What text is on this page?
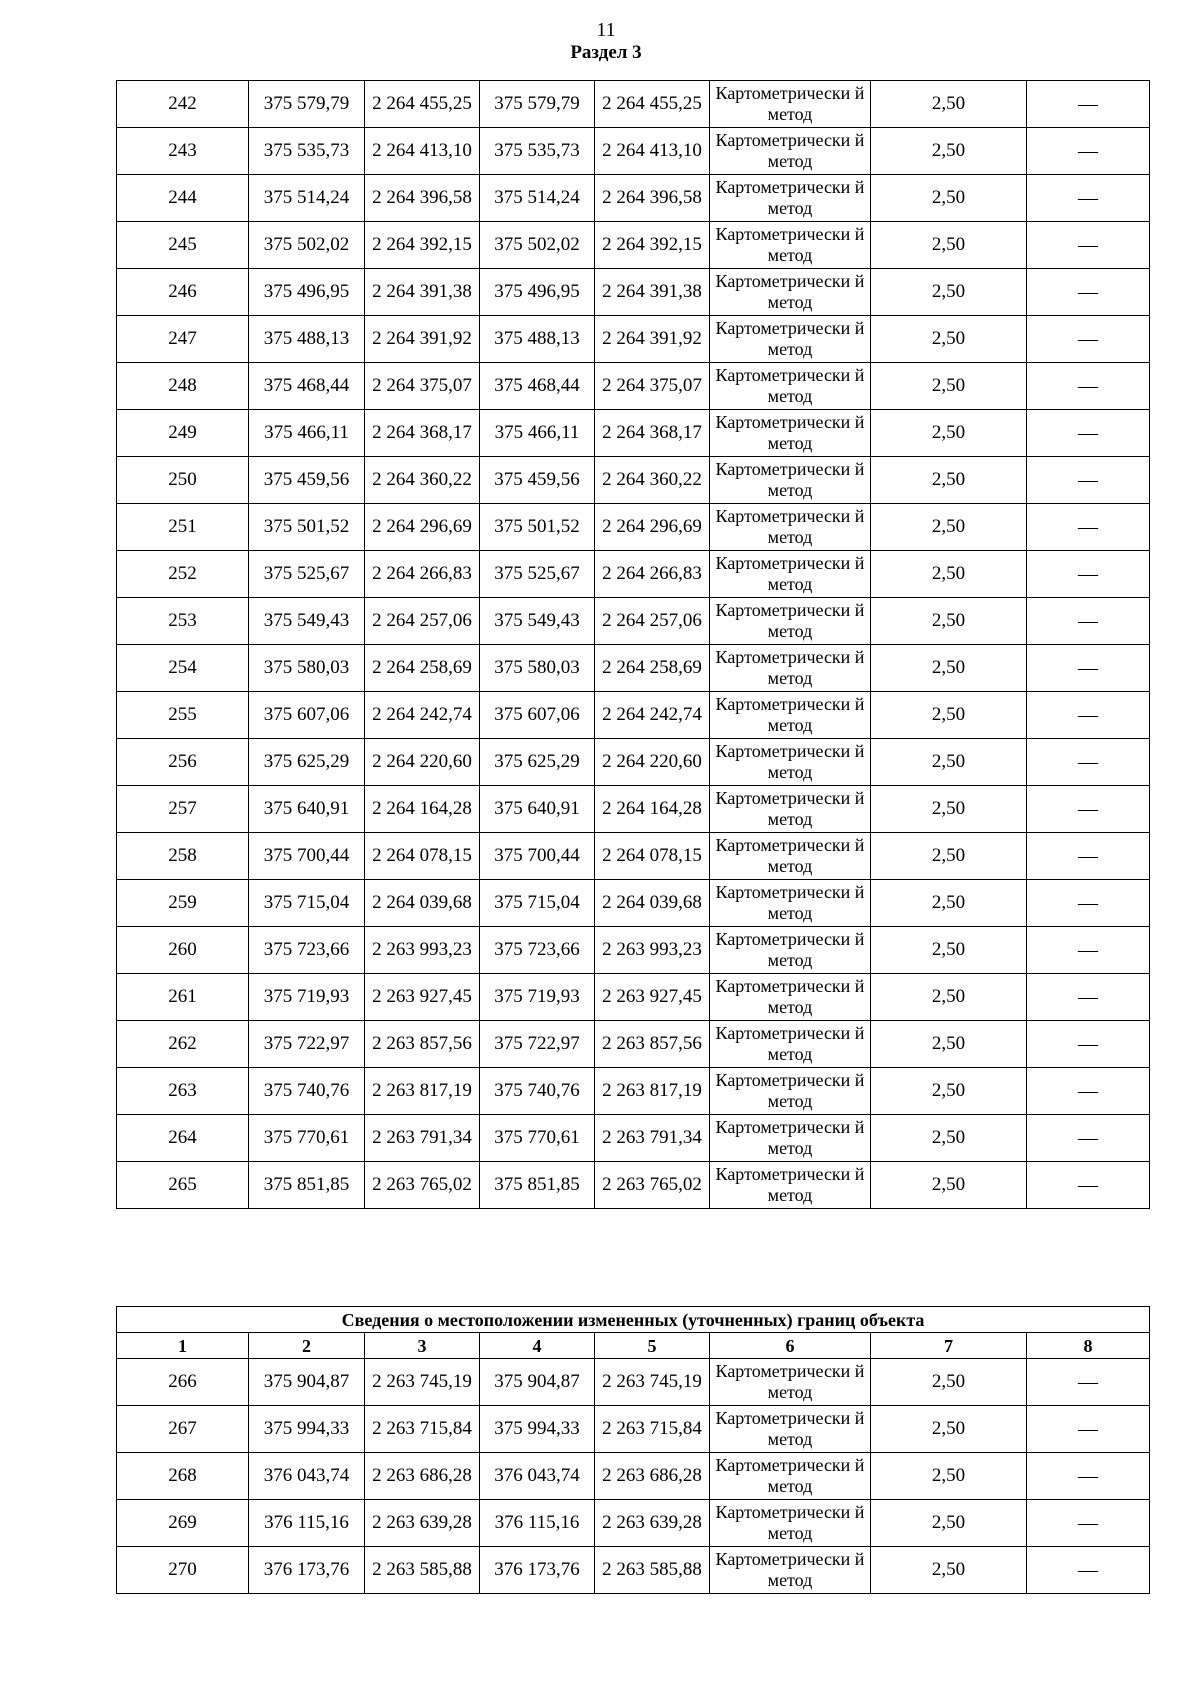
11
Раздел 3
242	375 579,79	2 264 455,25	375 579,79	2 264 455,25	Картометрически й метод	2,50	—
243	375 535,73	2 264 413,10	375 535,73	2 264 413,10	Картометрически й метод	2,50	—
244	375 514,24	2 264 396,58	375 514,24	2 264 396,58	Картометрически й метод	2,50	—
245	375 502,02	2 264 392,15	375 502,02	2 264 392,15	Картометрически й метод	2,50	—
246	375 496,95	2 264 391,38	375 496,95	2 264 391,38	Картометрически й метод	2,50	—
247	375 488,13	2 264 391,92	375 488,13	2 264 391,92	Картометрически й метод	2,50	—
248	375 468,44	2 264 375,07	375 468,44	2 264 375,07	Картометрически й метод	2,50	—
249	375 466,11	2 264 368,17	375 466,11	2 264 368,17	Картометрически й метод	2,50	—
250	375 459,56	2 264 360,22	375 459,56	2 264 360,22	Картометрически й метод	2,50	—
251	375 501,52	2 264 296,69	375 501,52	2 264 296,69	Картометрически й метод	2,50	—
252	375 525,67	2 264 266,83	375 525,67	2 264 266,83	Картометрически й метод	2,50	—
253	375 549,43	2 264 257,06	375 549,43	2 264 257,06	Картометрически й метод	2,50	—
254	375 580,03	2 264 258,69	375 580,03	2 264 258,69	Картометрически й метод	2,50	—
255	375 607,06	2 264 242,74	375 607,06	2 264 242,74	Картометрически й метод	2,50	—
256	375 625,29	2 264 220,60	375 625,29	2 264 220,60	Картометрически й метод	2,50	—
257	375 640,91	2 264 164,28	375 640,91	2 264 164,28	Картометрически й метод	2,50	—
258	375 700,44	2 264 078,15	375 700,44	2 264 078,15	Картометрически й метод	2,50	—
259	375 715,04	2 264 039,68	375 715,04	2 264 039,68	Картометрически й метод	2,50	—
260	375 723,66	2 263 993,23	375 723,66	2 263 993,23	Картометрически й метод	2,50	—
261	375 719,93	2 263 927,45	375 719,93	2 263 927,45	Картометрически й метод	2,50	—
262	375 722,97	2 263 857,56	375 722,97	2 263 857,56	Картометрически й метод	2,50	—
263	375 740,76	2 263 817,19	375 740,76	2 263 817,19	Картометрически й метод	2,50	—
264	375 770,61	2 263 791,34	375 770,61	2 263 791,34	Картометрически й метод	2,50	—
265	375 851,85	2 263 765,02	375 851,85	2 263 765,02	Картометрически й метод	2,50	—
Сведения о местоположении измененных (уточненных) границ объекта							
1	2	3	4	5	6	7	8
266	375 904,87	2 263 745,19	375 904,87	2 263 745,19	Картометрически й метод	2,50	—
267	375 994,33	2 263 715,84	375 994,33	2 263 715,84	Картометрически й метод	2,50	—
268	376 043,74	2 263 686,28	376 043,74	2 263 686,28	Картометрически й метод	2,50	—
269	376 115,16	2 263 639,28	376 115,16	2 263 639,28	Картометрически й метод	2,50	—
270	376 173,76	2 263 585,88	376 173,76	2 263 585,88	Картометрически й метод	2,50	—
